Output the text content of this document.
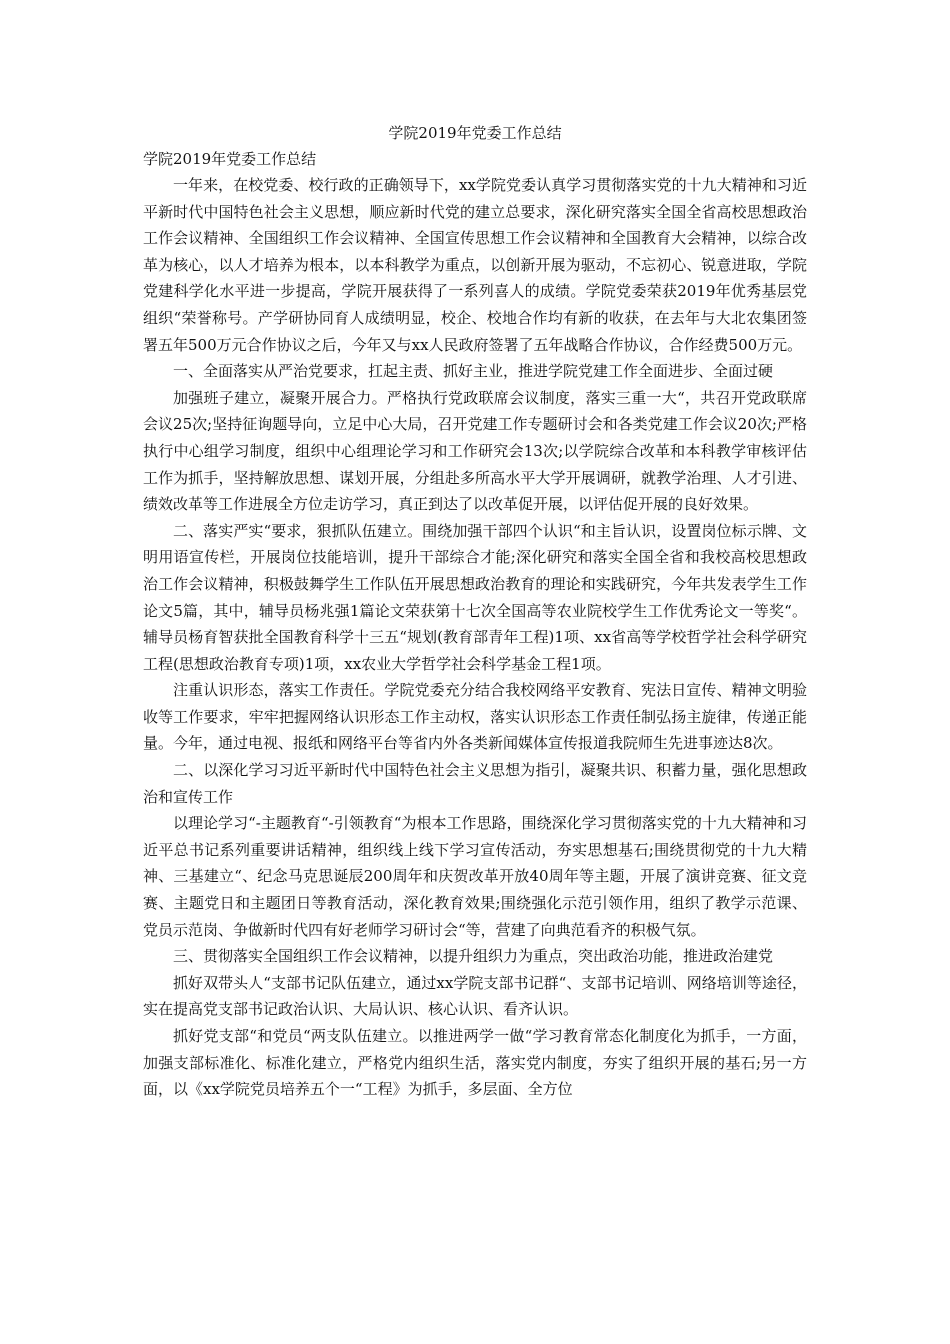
学院2019年党委工作总结
学院2019年党委工作总结

一年来，在校党委、校行政的正确领导下，xx学院党委认真学习贯彻落实党的十九大精神和习近平新时代中国特色社会主义思想，顺应新时代党的建立总要求，深化研究落实全国全省高校思想政治工作会议精神、全国组织工作会议精神、全国宣传思想工作会议精神和全国教育大会精神，以综合改革为核心，以人才培养为根本，以本科教学为重点，以创新开展为驱动，不忘初心、锐意进取，学院党建科学化水平进一步提高，学院开展获得了一系列喜人的成绩。学院党委荣获2019年优秀基层党组织“荣誉称号。产学研协同育人成绩明显，校企、校地合作均有新的收获，在去年与大北农集团签署五年500万元合作协议之后，今年又与xx人民政府签署了五年战略合作协议，合作经费500万元。

一、全面落实从严治党要求，扛起主责、抓好主业，推进学院党建工作全面进步、全面过硬

加强班子建立，凝聚开展合力。严格执行党政联席会议制度，落实三重一大“，共召开党政联席会议25次;坚持征询题导向，立足中心大局，召开党建工作专题研讨会和各类党建工作会议20次;严格执行中心组学习制度，组织中心组理论学习和工作研究会13次;以学院综合改革和本科教学审核评估工作为抓手，坚持解放思想、谋划开展，分组赴多所高水平大学开展调研，就教学治理、人才引进、绩效改革等工作进展全方位走访学习，真正到达了以改革促开展，以评估促开展的良好效果。

二、落实严实“要求，狠抓队伍建立。围绕加强干部四个认识“和主旨认识，设置岗位标示牌、文明用语宣传栏，开展岗位技能培训，提升干部综合才能;深化研究和落实全国全省和我校高校思想政治工作会议精神，积极鼓舞学生工作队伍开展思想政治教育的理论和实践研究，今年共发表学生工作论文5篇，其中，辅导员杨兆强1篇论文荣获第十七次全国高等农业院校学生工作优秀论文一等奖“。辅导员杨育智获批全国教育科学十三五“规划(教育部青年工程)1项、xx省高等学校哲学社会科学研究工程(思想政治教育专项)1项，xx农业大学哲学社会科学基金工程1项。

注重认识形态，落实工作责任。学院党委充分结合我校网络平安教育、宪法日宣传、精神文明验收等工作要求，牢牢把握网络认识形态工作主动权，落实认识形态工作责任制弘扬主旋律，传递正能量。今年，通过电视、报纸和网络平台等省内外各类新闻媒体宣传报道我院师生先进事迹达8次。

二、以深化学习习近平新时代中国特色社会主义思想为指引，凝聚共识、积蓄力量，强化思想政治和宣传工作

以理论学习“-主题教育“-引领教育“为根本工作思路，围绕深化学习贯彻落实党的十九大精神和习近平总书记系列重要讲话精神，组织线上线下学习宣传活动，夯实思想基石;围绕贯彻党的十九大精神、三基建立“、纪念马克思诞辰200周年和庆贺改革开放40周年等主题，开展了演讲竞赛、征文竞赛、主题党日和主题团日等教育活动，深化教育效果;围绕强化示范引领作用，组织了教学示范课、党员示范岗、争做新时代四有好老师学习研讨会“等，营建了向典范看齐的积极气氛。

三、贯彻落实全国组织工作会议精神，以提升组织力为重点，突出政治功能，推进政治建党

抓好双带头人“支部书记队伍建立，通过xx学院支部书记群“、支部书记培训、网络培训等途径，实在提高党支部书记政治认识、大局认识、核心认识、看齐认识。

抓好党支部“和党员“两支队伍建立。以推进两学一做“学习教育常态化制度化为抓手，一方面，加强支部标准化、标准化建立，严格党内组织生活，落实党内制度，夯实了组织开展的基石;另一方面，以《xx学院党员培养五个一“工程》为抓手，多层面、全方位
